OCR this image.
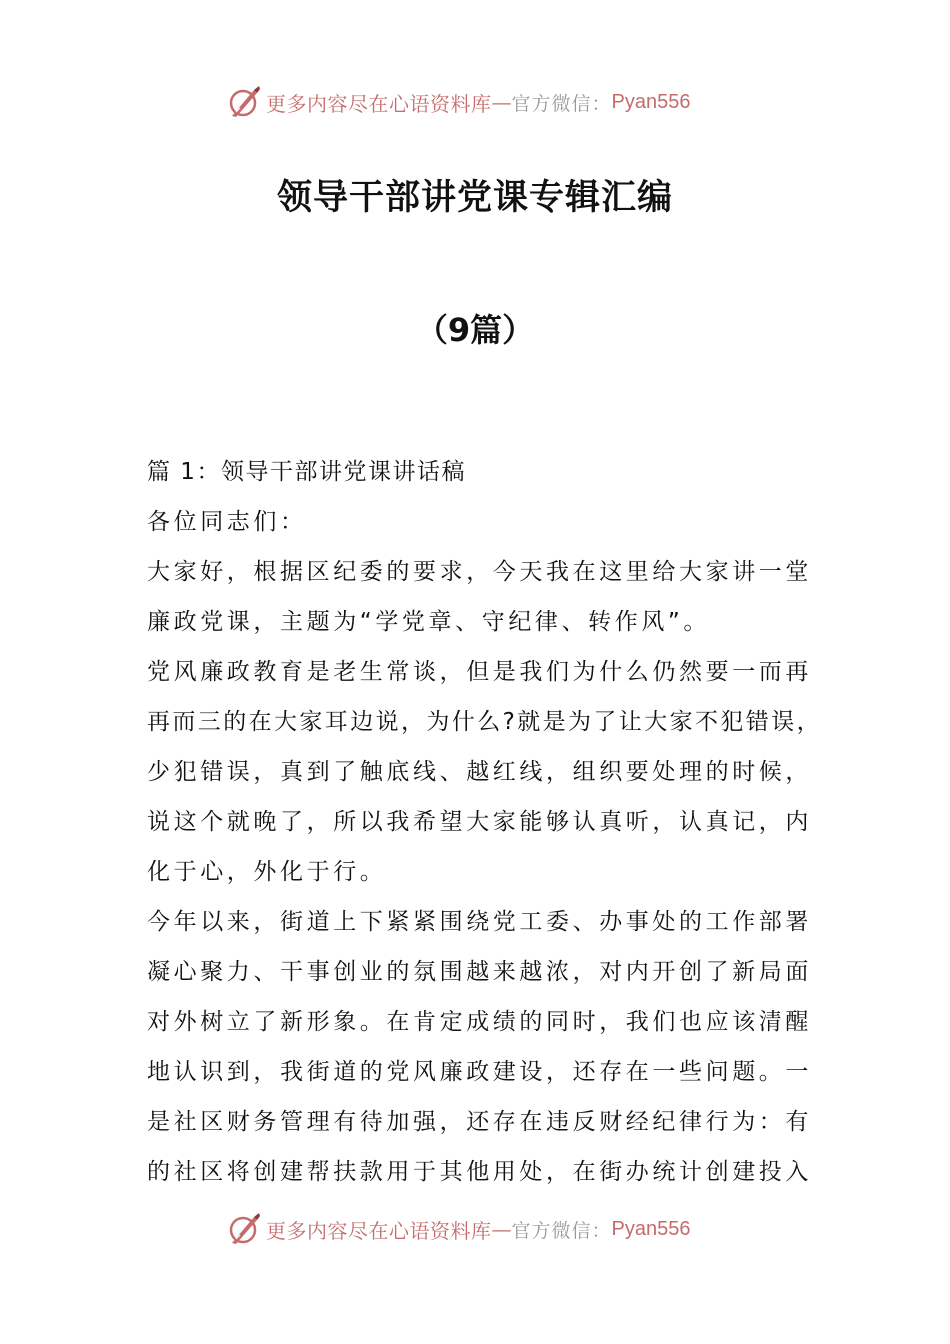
更多内容尽在心语资料库 — 官方微信： Pyan556
领导干部讲党课专辑汇编
（9篇）

篇 1：领导干部讲党课讲话稿

各位同志们：

大家好，根据区纪委的要求，今天我在这里给大家讲一堂

廉政党课，主题为“学党章、守纪律、转作风”。

党风廉政教育是老生常谈，但是我们为什么仍然要一而再

再而三的在大家耳边说，为什么?就是为了让大家不犯错误，

少犯错误，真到了触底线、越红线，组织要处理的时候，

说这个就晚了，所以我希望大家能够认真听，认真记，内

化于心，外化于行。

今年以来，街道上下紧紧围绕党工委、办事处的工作部署

凝心聚力、干事创业的氛围越来越浓，对内开创了新局面

对外树立了新形象。在肯定成绩的同时，我们也应该清醒

地认识到，我街道的党风廉政建设，还存在一些问题。一

是社区财务管理有待加强，还存在违反财经纪律行为：有

的社区将创建帮扶款用于其他用处，在街办统计创建投入

更多内容尽在心语资料库 — 官方微信： Pyan556
